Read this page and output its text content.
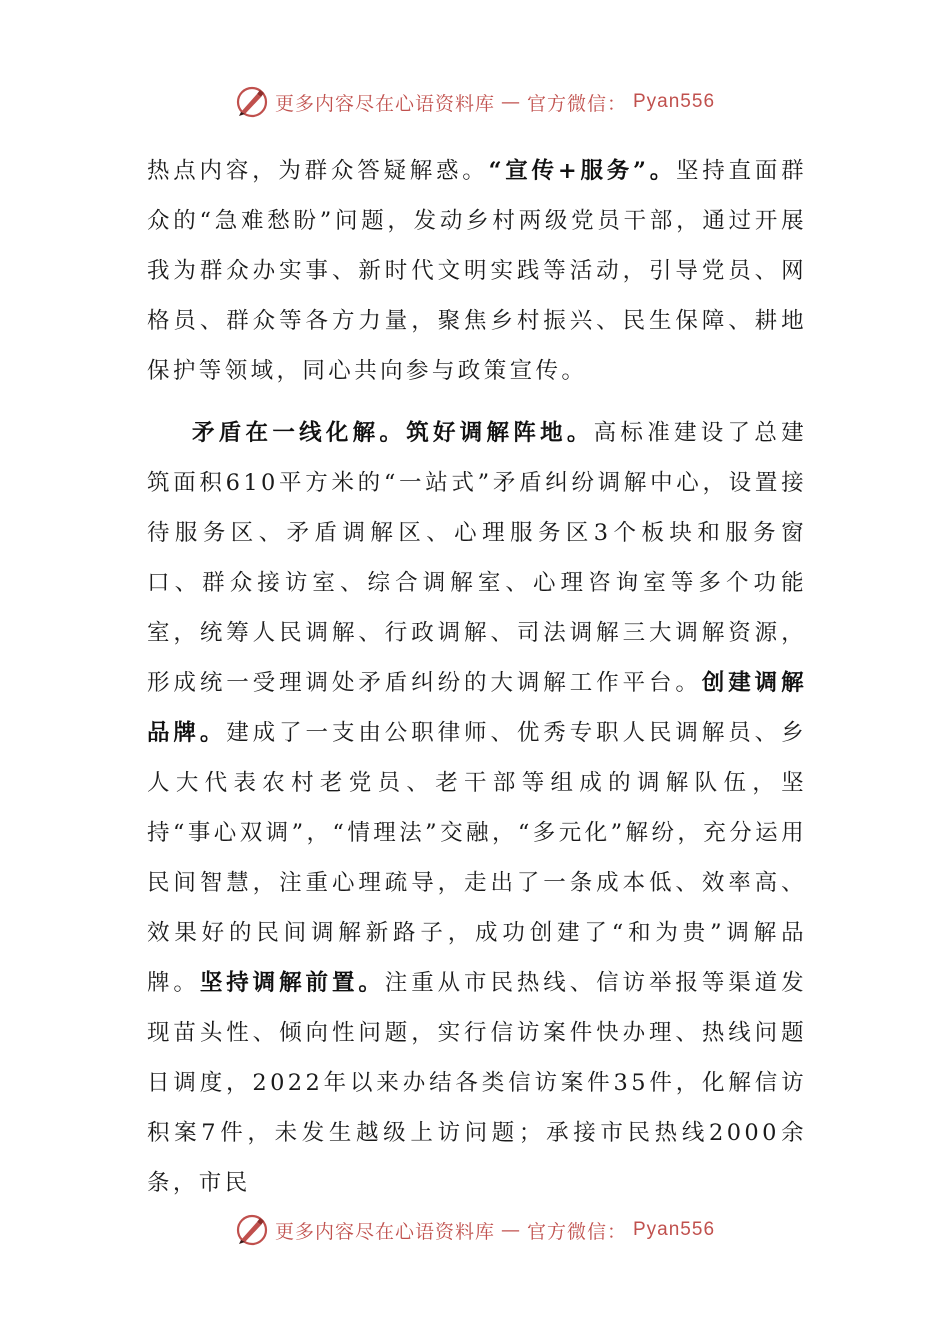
更多内容尽在心语资料库 — 官方微信： Pyan556

热点内容，为群众答疑解惑。“宣传+服务”。坚持直面群众的“急难愁盼”问题，发动乡村两级党员干部，通过开展我为群众办实事、新时代文明实践等活动，引导党员、网格员、群众等各方力量，聚焦乡村振兴、民生保障、耕地保护等领域，同心共向参与政策宣传。

矛盾在一线化解。筑好调解阵地。高标准建设了总建筑面积610平方米的“一站式”矛盾纠纷调解中心，设置接待服务区、矛盾调解区、心理服务区3个板块和服务窗口、群众接访室、综合调解室、心理咨询室等多个功能室，统筹人民调解、行政调解、司法调解三大调解资源，形成统一受理调处矛盾纠纷的大调解工作平台。创建调解品牌。建成了一支由公职律师、优秀专职人民调解员、乡人大代表农村老党员、老干部等组成的调解队伍，坚持“事心双调”，“情理法”交融，“多元化”解纷，充分运用民间智慧，注重心理疏导，走出了一条成本低、效率高、效果好的民间调解新路子，成功创建了“和为贵”调解品牌。坚持调解前置。注重从市民热线、信访举报等渠道发现苗头性、倾向性问题，实行信访案件快办理、热线问题日调度，2022年以来办结各类信访案件35件，化解信访积案7件，未发生越级上访问题；承接市民热线2000余条，市民

更多内容尽在心语资料库 — 官方微信： Pyan556
